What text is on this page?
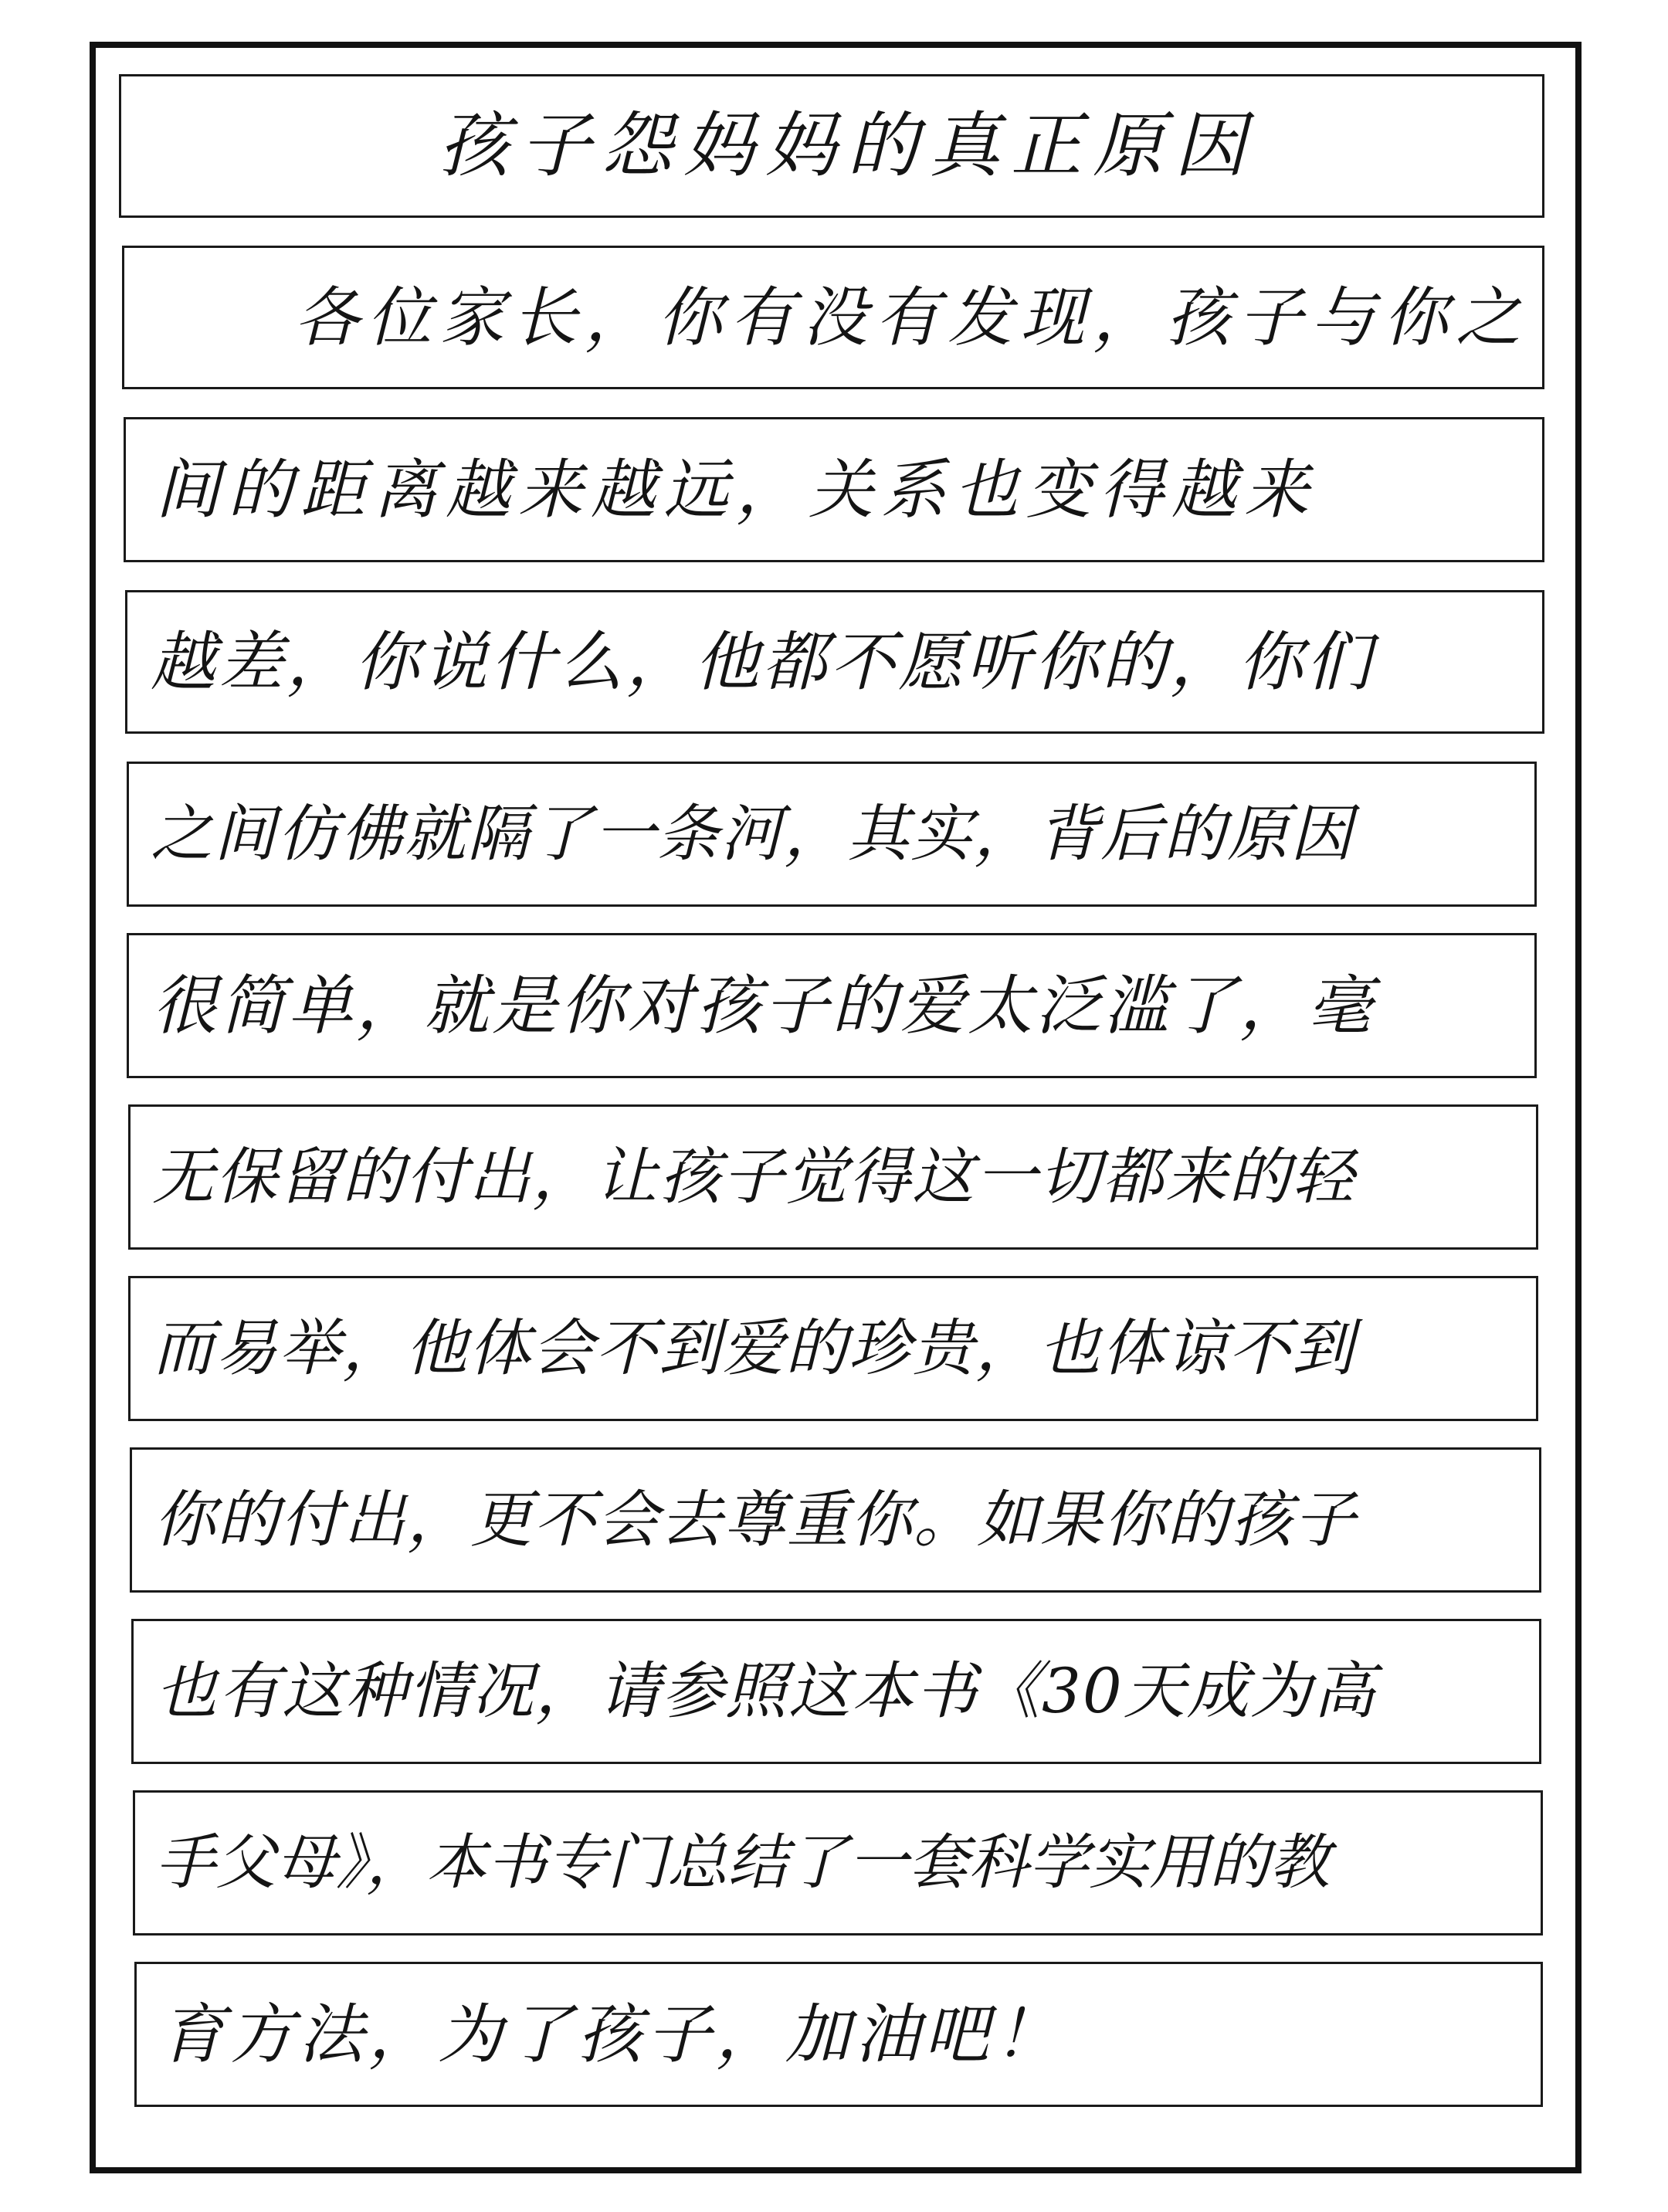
孩子怨妈妈的真正原因
各位家长，你有没有发现，孩子与你之
间的距离越来越远，关系也变得越来
越差，你说什么，他都不愿听你的，你们
之间仿佛就隔了一条河，其实，背后的原因
很简单，就是你对孩子的爱太泛滥了，毫
无保留的付出，让孩子觉得这一切都来的轻
而易举，他体会不到爱的珍贵，也体谅不到
你的付出，更不会去尊重你。如果你的孩子
也有这种情况，请参照这本书《30天成为高
手父母》，本书专门总结了一套科学实用的教
育方法，为了孩子，加油吧！
